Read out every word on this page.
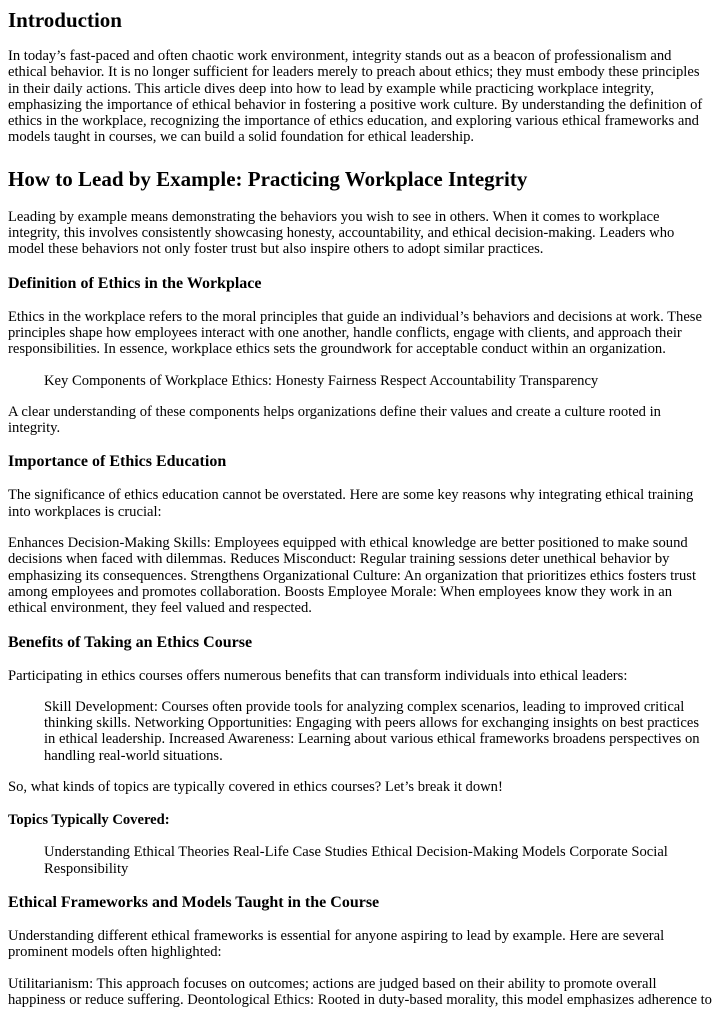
Introduction

In today’s fast-paced and often chaotic work environment, integrity stands out as a beacon of professionalism and ethical behavior. It is no longer sufficient for leaders merely to preach about ethics; they must embody these principles in their daily actions. This article dives deep into how to lead by example while practicing workplace integrity, emphasizing the importance of ethical behavior in fostering a positive work culture. By understanding the definition of ethics in the workplace, recognizing the importance of ethics education, and exploring various ethical frameworks and models taught in courses, we can build a solid foundation for ethical leadership.

How to Lead by Example: Practicing Workplace Integrity

Leading by example means demonstrating the behaviors you wish to see in others. When it comes to workplace integrity, this involves consistently showcasing honesty, accountability, and ethical decision-making. Leaders who model these behaviors not only foster trust but also inspire others to adopt similar practices.

Definition of Ethics in the Workplace

Ethics in the workplace refers to the moral principles that guide an individual’s behaviors and decisions at work. These principles shape how employees interact with one another, handle conflicts, engage with clients, and approach their responsibilities. In essence, workplace ethics sets the groundwork for acceptable conduct within an organization.

Key Components of Workplace Ethics: Honesty Fairness Respect Accountability Transparency

A clear understanding of these components helps organizations define their values and create a culture rooted in integrity.

Importance of Ethics Education

The significance of ethics education cannot be overstated. Here are some key reasons why integrating ethical training into workplaces is crucial:

Enhances Decision-Making Skills: Employees equipped with ethical knowledge are better positioned to make sound decisions when faced with dilemmas. Reduces Misconduct: Regular training sessions deter unethical behavior by emphasizing its consequences. Strengthens Organizational Culture: An organization that prioritizes ethics fosters trust among employees and promotes collaboration. Boosts Employee Morale: When employees know they work in an ethical environment, they feel valued and respected.

Benefits of Taking an Ethics Course

Participating in ethics courses offers numerous benefits that can transform individuals into ethical leaders:

Skill Development: Courses often provide tools for analyzing complex scenarios, leading to improved critical thinking skills. Networking Opportunities: Engaging with peers allows for exchanging insights on best practices in ethical leadership. Increased Awareness: Learning about various ethical frameworks broadens perspectives on handling real-world situations.

So, what kinds of topics are typically covered in ethics courses? Let’s break it down!

Topics Typically Covered:
Understanding Ethical Theories Real-Life Case Studies Ethical Decision-Making Models Corporate Social Responsibility
Ethical Frameworks and Models Taught in the Course

Understanding different ethical frameworks is essential for anyone aspiring to lead by example. Here are several prominent models often highlighted:

Utilitarianism: This approach focuses on outcomes; actions are judged based on their ability to promote overall happiness or reduce suffering. Deontological Ethics: Rooted in duty-based morality, this model emphasizes adherence to
